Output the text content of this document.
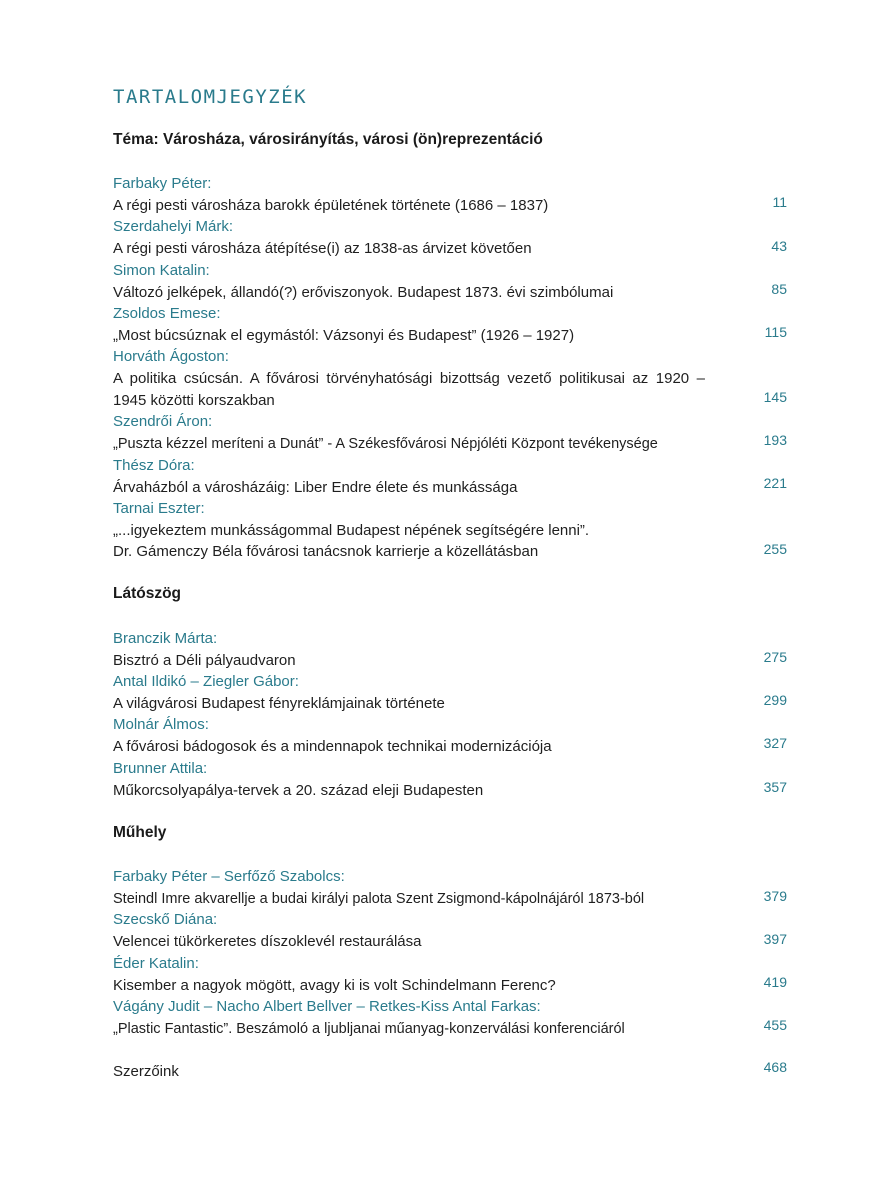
TARTALOMJEGYZÉK
Téma: Városháza, városirányítás, városi (ön)reprezentáció
Farbaky Péter:
A régi pesti városháza barokk épületének története (1686 – 1837)	11
Szerdahelyi Márk:
A régi pesti városháza átépítése(i) az 1838-as árvizet követően	43
Simon Katalin:
Változó jelképek, állandó(?) erőviszonyok. Budapest 1873. évi szimbólumai	85
Zsoldos Emese:
„Most búcsúznak el egymástól: Vázsonyi és Budapest” (1926 – 1927)	115
Horváth Ágoston:
A politika csúcsán. A fővárosi törvényhatósági bizottság vezető politikusai az 1920 – 1945 közötti korszakban	145
Szendrői Áron:
„Puszta kézzel meríteni a Dunát” - A Székesfővárosi Népjóléti Központ tevékenysége	193
Thész Dóra:
Árvaházból a városházáig: Liber Endre élete és munkássága	221
Tarnai Eszter:
„...igyekeztem munkásságommal Budapest népének segítségére lenni”.
Dr. Gámenczy Béla fővárosi tanácsnok karrierje a közellátásban	255
Látószög
Branczik Márta:
Bisztró a Déli pályaudvaron	275
Antal Ildikó – Ziegler Gábor:
A világvárosi Budapest fényreklámjainak története	299
Molnár Álmos:
A fővárosi bádogosok és a mindennapok technikai modernizációja	327
Brunner Attila:
Műkorcsolyapálya-tervek a 20. század eleji Budapesten	357
Műhely
Farbaky Péter – Serfőző Szabolcs:
Steindl Imre akvarellje a budai királyi palota Szent Zsigmond-kápolnájáról 1873-ból	379
Szecskő Diána:
Velencei tükörkeretes díszoklevél restaurálása	397
Éder Katalin:
Kisember a nagyok mögött, avagy ki is volt Schindelmann Ferenc?	419
Vágány Judit – Nacho Albert Bellver – Retkes-Kiss Antal Farkas:
„Plastic Fantastic”. Beszámoló a ljubljanai műanyag-konzerválási konferenciáról	455
Szerzőink	468
